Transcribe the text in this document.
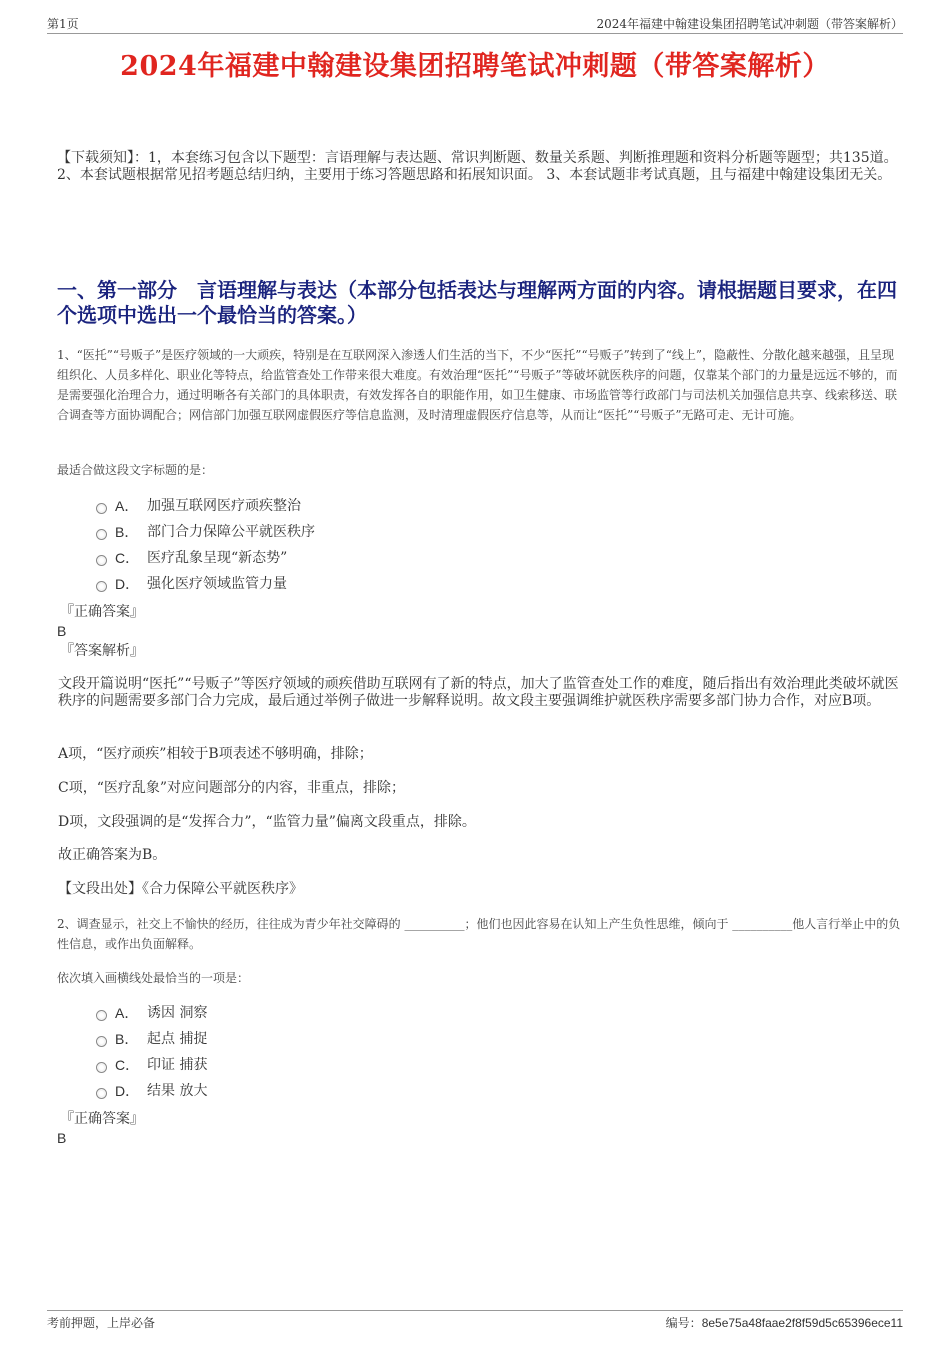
第1页	2024年福建中翰建设集团招聘笔试冲刺题（带答案解析）
2024年福建中翰建设集团招聘笔试冲刺题（带答案解析）

【下载须知】：1，本套练习包含以下题型：言语理解与表达题、常识判断题、数量关系题、判断推理题和资料分析题等题型；共135道。 2、本套试题根据常见招考题总结归纳，主要用于练习答题思路和拓展知识面。 3、本套试题非考试真题，且与福建中翰建设集团无关。

一、第一部分　言语理解与表达（本部分包括表达与理解两方面的内容。请根据题目要求，在四个选项中选出一个最恰当的答案。）

1、“医托”“号贩子”是医疗领域的一大顽疾，特别是在互联网深入渗透人们生活的当下，不少“医托”“号贩子”转到了“线上”，隐蔽性、分散化越来越强，且呈现组织化、人员多样化、职业化等特点，给监管查处工作带来很大难度。有效治理“医托”“号贩子”等破坏就医秩序的问题，仅靠某个部门的力量是远远不够的，而是需要强化治理合力，通过明晰各有关部门的具体职责，有效发挥各自的职能作用，如卫生健康、市场监管等行政部门与司法机关加强信息共享、线索移送、联合调查等方面协调配合；网信部门加强互联网虚假医疗等信息监测，及时清理虚假医疗信息等，从而让“医托”“号贩子”无路可走、无计可施。

最适合做这段文字标题的是：

A． 加强互联网医疗顽疾整治
B． 部门合力保障公平就医秩序
C． 医疗乱象呈现“新态势”
D． 强化医疗领域监管力量
『正确答案』
B
『答案解析』

文段开篇说明“医托”“号贩子”等医疗领域的顽疾借助互联网有了新的特点，加大了监管查处工作的难度，随后指出有效治理此类破坏就医秩序的问题需要多部门合力完成，最后通过举例子做进一步解释说明。故文段主要强调维护就医秩序需要多部门协力合作，对应B项。

A项，“医疗顽疾”相较于B项表述不够明确，排除；

C项，“医疗乱象”对应问题部分的内容，非重点，排除；

D项，文段强调的是“发挥合力”，“监管力量”偏离文段重点，排除。

故正确答案为B。

【文段出处】《合力保障公平就医秩序》

2、调查显示，社交上不愉快的经历，往往成为青少年社交障碍的 __________；他们也因此容易在认知上产生负性思维，倾向于 __________他人言行举止中的负性信息，或作出负面解释。

依次填入画横线处最恰当的一项是：

A． 诱因 洞察
B． 起点 捕捉
C． 印证 捕获
D． 结果 放大
『正确答案』
B
考前押题，上岸必备	编号：8e5e75a48faae2f8f59d5c65396ece11
